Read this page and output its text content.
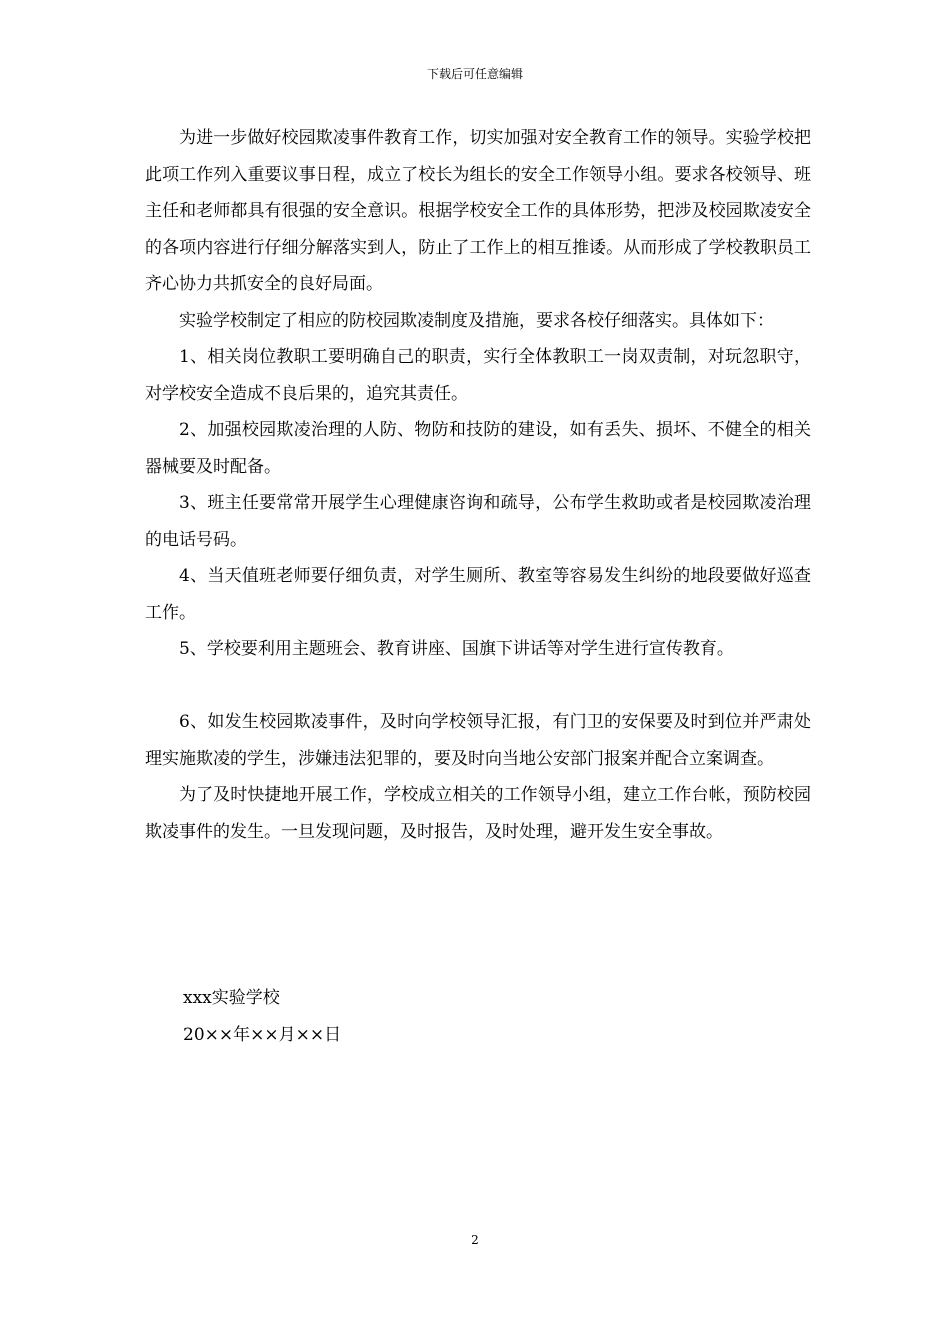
下载后可任意编辑

为进一步做好校园欺凌事件教育工作，切实加强对安全教育工作的领导。实验学校把此项工作列入重要议事日程，成立了校长为组长的安全工作领导小组。要求各校领导、班主任和老师都具有很强的安全意识。根据学校安全工作的具体形势，把涉及校园欺凌安全的各项内容进行仔细分解落实到人，防止了工作上的相互推诿。从而形成了学校教职员工齐心协力共抓安全的良好局面。

实验学校制定了相应的防校园欺凌制度及措施，要求各校仔细落实。具体如下：

1、相关岗位教职工要明确自己的职责，实行全体教职工一岗双责制，对玩忽职守，对学校安全造成不良后果的，追究其责任。

2、加强校园欺凌治理的人防、物防和技防的建设，如有丢失、损坏、不健全的相关器械要及时配备。

3、班主任要常常开展学生心理健康咨询和疏导，公布学生救助或者是校园欺凌治理的电话号码。

4、当天值班老师要仔细负责，对学生厕所、教室等容易发生纠纷的地段要做好巡查工作。

5、学校要利用主题班会、教育讲座、国旗下讲话等对学生进行宣传教育。

6、如发生校园欺凌事件，及时向学校领导汇报，有门卫的安保要及时到位并严肃处理实施欺凌的学生，涉嫌违法犯罪的，要及时向当地公安部门报案并配合立案调查。

为了及时快捷地开展工作，学校成立相关的工作领导小组，建立工作台帐，预防校园欺凌事件的发生。一旦发现问题，及时报告，及时处理，避开发生安全事故。

xxx实验学校
20××年××月××日
2
